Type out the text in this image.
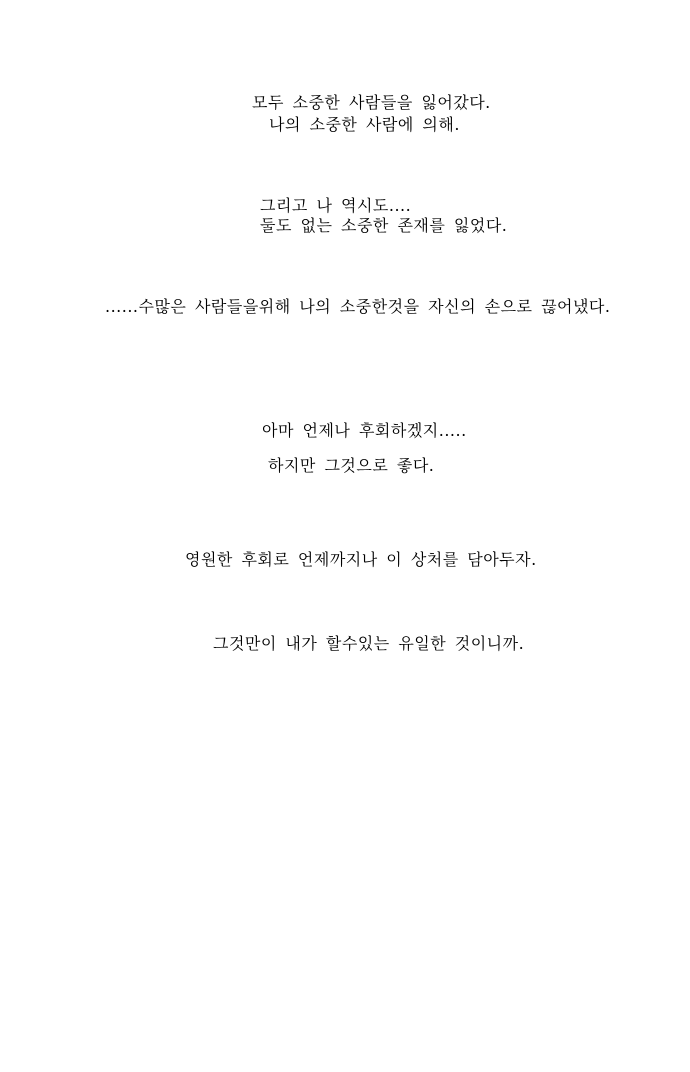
모두 소중한 사람들을 잃어갔다.
나의 소중한 사람에 의해.
그리고 나 역시도....
둘도 없는 소중한 존재를 잃었다.
......수많은 사람들을위해 나의 소중한것을 자신의 손으로 끊어냈다.
아마 언제나 후회하겠지.....
하지만 그것으로 좋다.
영원한 후회로 언제까지나 이 상처를 담아두자.
그것만이 내가 할수있는 유일한 것이니까.
